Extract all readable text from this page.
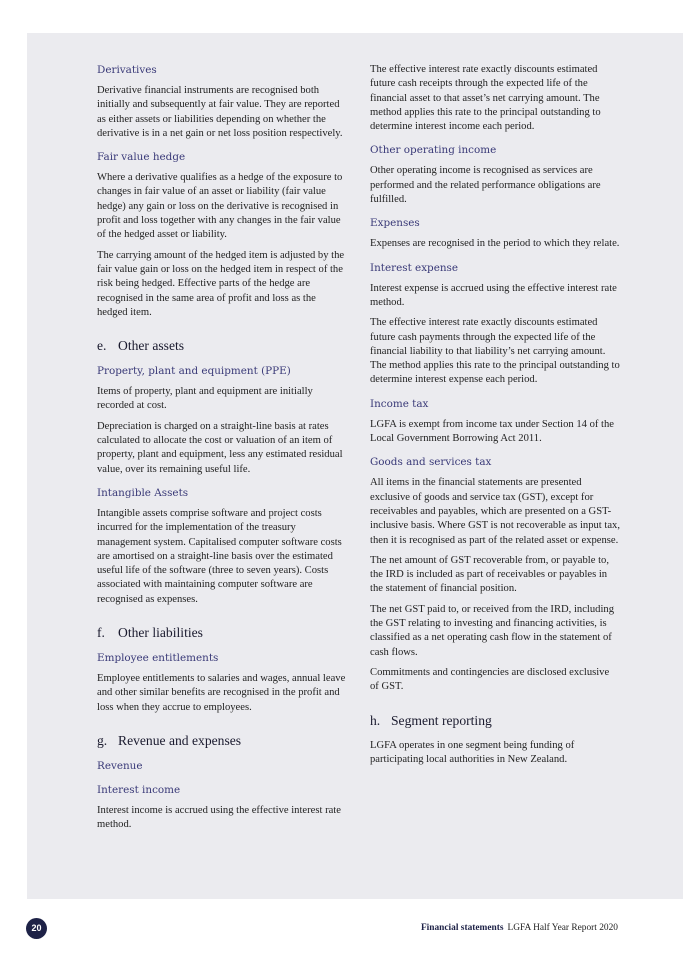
Derivatives

Derivative financial instruments are recognised both initially and subsequently at fair value. They are reported as either assets or liabilities depending on whether the derivative is in a net gain or net loss position respectively.

Fair value hedge

Where a derivative qualifies as a hedge of the exposure to changes in fair value of an asset or liability (fair value hedge) any gain or loss on the derivative is recognised in profit and loss together with any changes in the fair value of the hedged asset or liability.

The carrying amount of the hedged item is adjusted by the fair value gain or loss on the hedged item in respect of the risk being hedged. Effective parts of the hedge are recognised in the same area of profit and loss as the hedged item.

e. Other assets
Property, plant and equipment (PPE)

Items of property, plant and equipment are initially recorded at cost.

Depreciation is charged on a straight-line basis at rates calculated to allocate the cost or valuation of an item of property, plant and equipment, less any estimated residual value, over its remaining useful life.

Intangible Assets

Intangible assets comprise software and project costs incurred for the implementation of the treasury management system. Capitalised computer software costs are amortised on a straight-line basis over the estimated useful life of the software (three to seven years). Costs associated with maintaining computer software are recognised as expenses.

f. Other liabilities
Employee entitlements

Employee entitlements to salaries and wages, annual leave and other similar benefits are recognised in the profit and loss when they accrue to employees.

g. Revenue and expenses
Revenue
Interest income

Interest income is accrued using the effective interest rate method.

The effective interest rate exactly discounts estimated future cash receipts through the expected life of the financial asset to that asset’s net carrying amount. The method applies this rate to the principal outstanding to determine interest income each period.

Other operating income

Other operating income is recognised as services are performed and the related performance obligations are fulfilled.

Expenses

Expenses are recognised in the period to which they relate.

Interest expense

Interest expense is accrued using the effective interest rate method.

The effective interest rate exactly discounts estimated future cash payments through the expected life of the financial liability to that liability’s net carrying amount. The method applies this rate to the principal outstanding to determine interest expense each period.

Income tax

LGFA is exempt from income tax under Section 14 of the Local Government Borrowing Act 2011.

Goods and services tax

All items in the financial statements are presented exclusive of goods and service tax (GST), except for receivables and payables, which are presented on a GST-inclusive basis. Where GST is not recoverable as input tax, then it is recognised as part of the related asset or expense.

The net amount of GST recoverable from, or payable to, the IRD is included as part of receivables or payables in the statement of financial position.

The net GST paid to, or received from the IRD, including the GST relating to investing and financing activities, is classified as a net operating cash flow in the statement of cash flows.

Commitments and contingencies are disclosed exclusive of GST.

h. Segment reporting

LGFA operates in one segment being funding of participating local authorities in New Zealand.

20	Financial statements LGFA Half Year Report 2020
